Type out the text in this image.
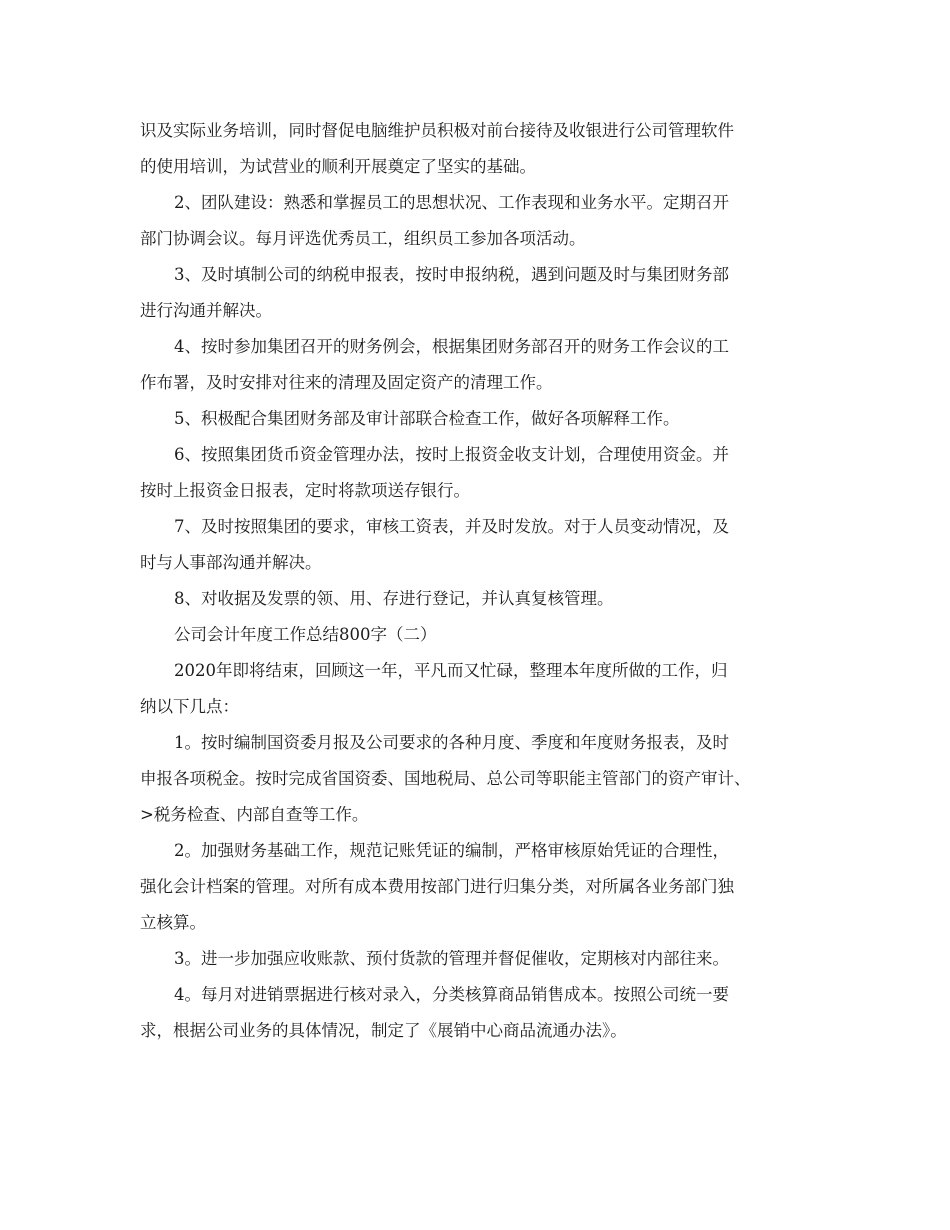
识及实际业务培训，同时督促电脑维护员积极对前台接待及收银进行公司管理软件
的使用培训，为试营业的顺利开展奠定了坚实的基础。
2、团队建设：熟悉和掌握员工的思想状况、工作表现和业务水平。定期召开
部门协调会议。每月评选优秀员工，组织员工参加各项活动。
3、及时填制公司的纳税申报表，按时申报纳税，遇到问题及时与集团财务部
进行沟通并解决。
4、按时参加集团召开的财务例会，根据集团财务部召开的财务工作会议的工
作布署，及时安排对往来的清理及固定资产的清理工作。
5、积极配合集团财务部及审计部联合检查工作，做好各项解释工作。
6、按照集团货币资金管理办法，按时上报资金收支计划，合理使用资金。并
按时上报资金日报表，定时将款项送存银行。
7、及时按照集团的要求，审核工资表，并及时发放。对于人员变动情况，及
时与人事部沟通并解决。
8、对收据及发票的领、用、存进行登记，并认真复核管理。
公司会计年度工作总结800字（二）
2020年即将结束，回顾这一年，平凡而又忙碌，整理本年度所做的工作，归
纳以下几点：
1。按时编制国资委月报及公司要求的各种月度、季度和年度财务报表，及时
申报各项税金。按时完成省国资委、国地税局、总公司等职能主管部门的资产审计、
>税务检查、内部自查等工作。
2。加强财务基础工作，规范记账凭证的编制，严格审核原始凭证的合理性，
强化会计档案的管理。对所有成本费用按部门进行归集分类，对所属各业务部门独
立核算。
3。进一步加强应收账款、预付货款的管理并督促催收，定期核对内部往来。
4。每月对进销票据进行核对录入，分类核算商品销售成本。按照公司统一要
求，根据公司业务的具体情况，制定了《展销中心商品流通办法》。
